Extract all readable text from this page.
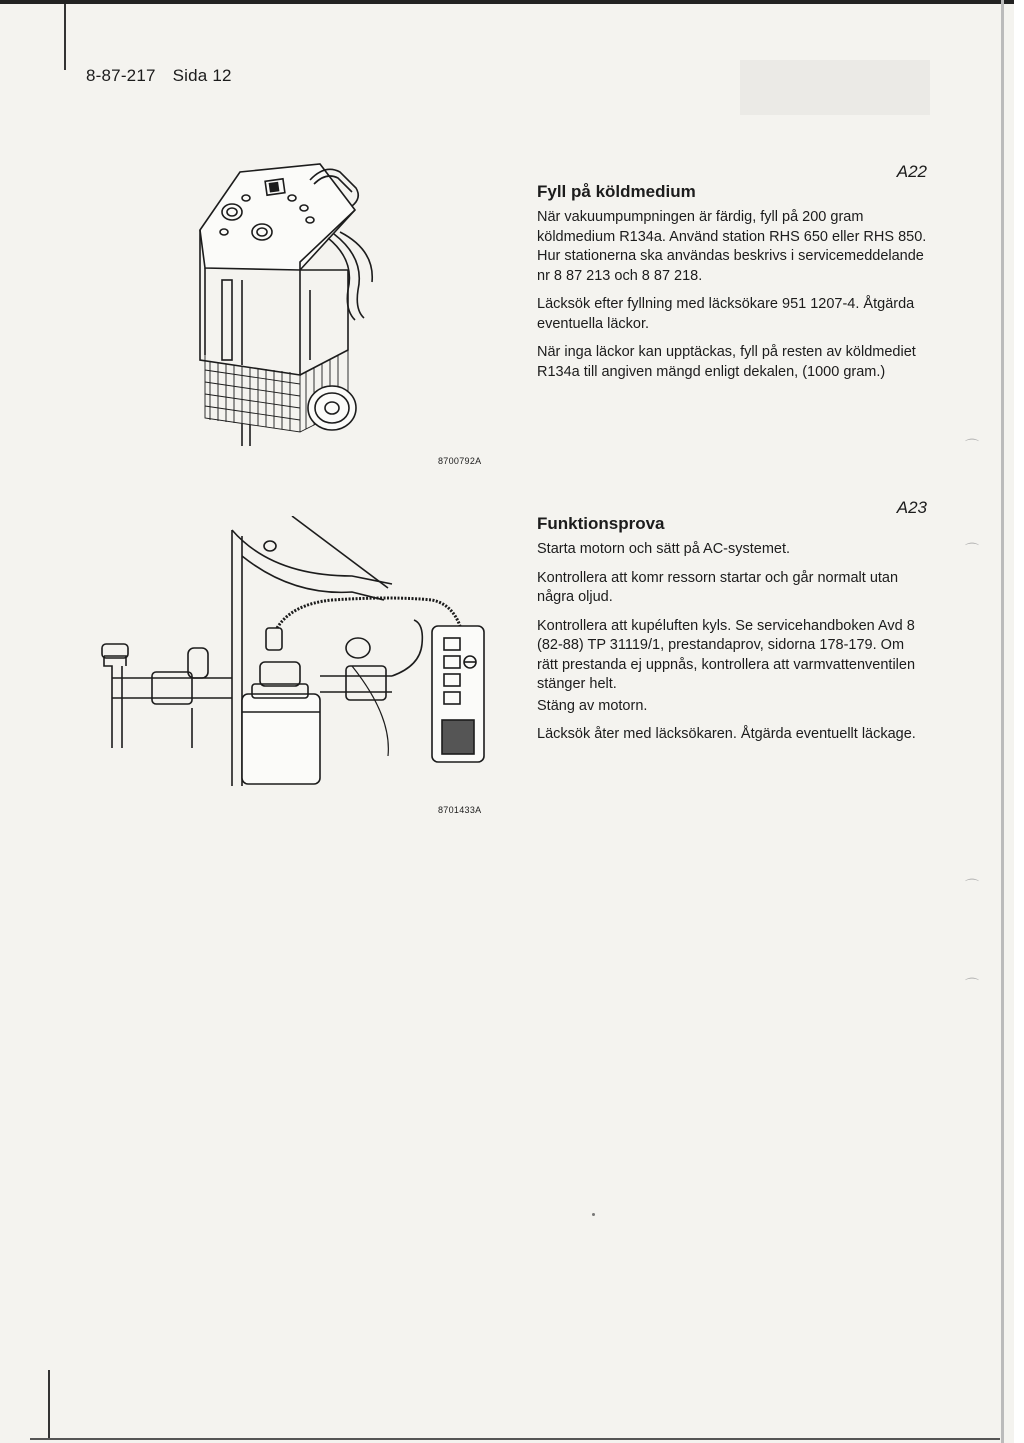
8-87-217 Sida 12
8700792A
8701433A
A22
Fyll på köldmedium

När vakuumpumpningen är färdig, fyll på 200 gram köldmedium R134a. Använd station RHS 650 eller RHS 850. Hur stationerna ska användas beskrivs i servicemeddelande nr 8 87 213 och 8 87 218.

Läcksök efter fyllning med läcksökare 951 1207-4. Åtgärda eventuella läckor.

När inga läckor kan upptäckas, fyll på resten av köldmediet R134a till angiven mängd enligt dekalen, (1000 gram.)

A23
Funktionsprova

Starta motorn och sätt på AC-systemet.

Kontrollera att komr ressorn startar och går normalt utan några oljud.

Kontrollera att kupéluften kyls. Se servicehandboken Avd 8 (82-88) TP 31119/1, prestandaprov, sidorna 178-179. Om rätt prestanda ej uppnås, kontrollera att varmvattenventilen stänger helt.

Stäng av motorn.

Läcksök åter med läcksökaren. Åtgärda eventuellt läckage.

⌒
⌒
⌒
⌒
